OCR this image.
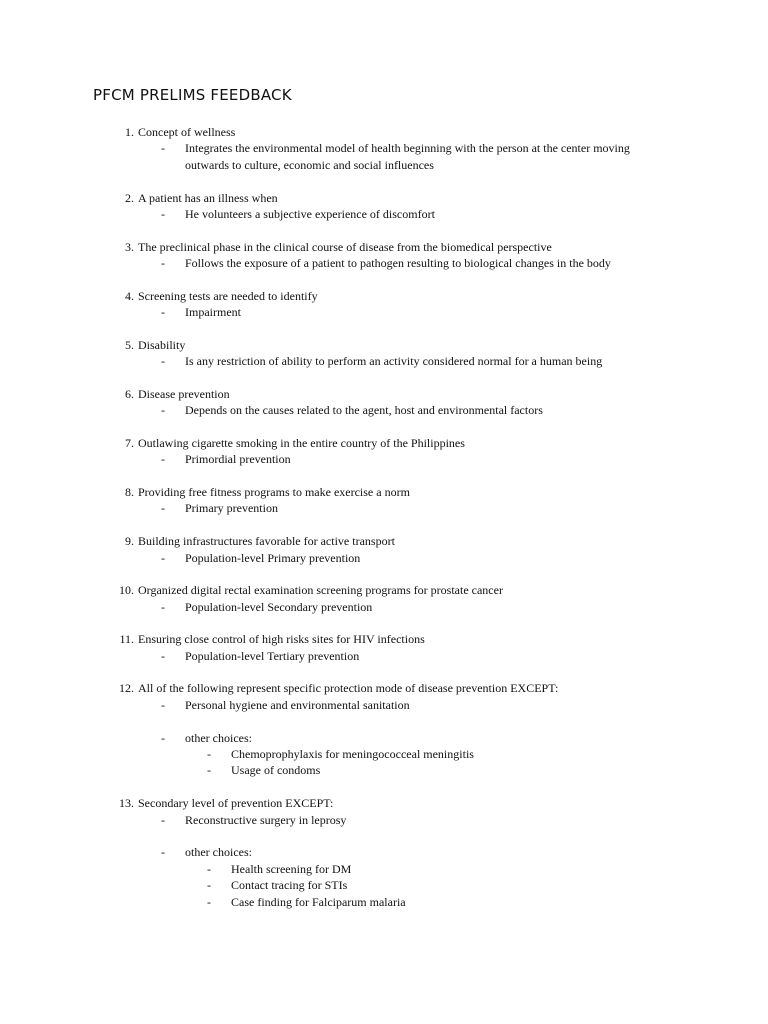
PFCM PRELIMS FEEDBACK
1. Concept of wellness
- Integrates the environmental model of health beginning with the person at the center moving outwards to culture, economic and social influences
2. A patient has an illness when
- He volunteers a subjective experience of discomfort
3. The preclinical phase in the clinical course of disease from the biomedical perspective
- Follows the exposure of a patient to pathogen resulting to biological changes in the body
4. Screening tests are needed to identify
- Impairment
5. Disability
- Is any restriction of ability to perform an activity considered normal for a human being
6. Disease prevention
- Depends on the causes related to the agent, host and environmental factors
7. Outlawing cigarette smoking in the entire country of the Philippines
- Primordial prevention
8. Providing free fitness programs to make exercise a norm
- Primary prevention
9. Building infrastructures favorable for active transport
- Population-level Primary prevention
10. Organized digital rectal examination screening programs for prostate cancer
- Population-level Secondary prevention
11. Ensuring close control of high risks sites for HIV infections
- Population-level Tertiary prevention
12. All of the following represent specific protection mode of disease prevention EXCEPT:
- Personal hygiene and environmental sanitation
- other choices:
- Chemoprophylaxis for meningococceal meningitis
- Usage of condoms
13. Secondary level of prevention EXCEPT:
- Reconstructive surgery in leprosy
- other choices:
- Health screening for DM
- Contact tracing for STIs
- Case finding for Falciparum malaria
